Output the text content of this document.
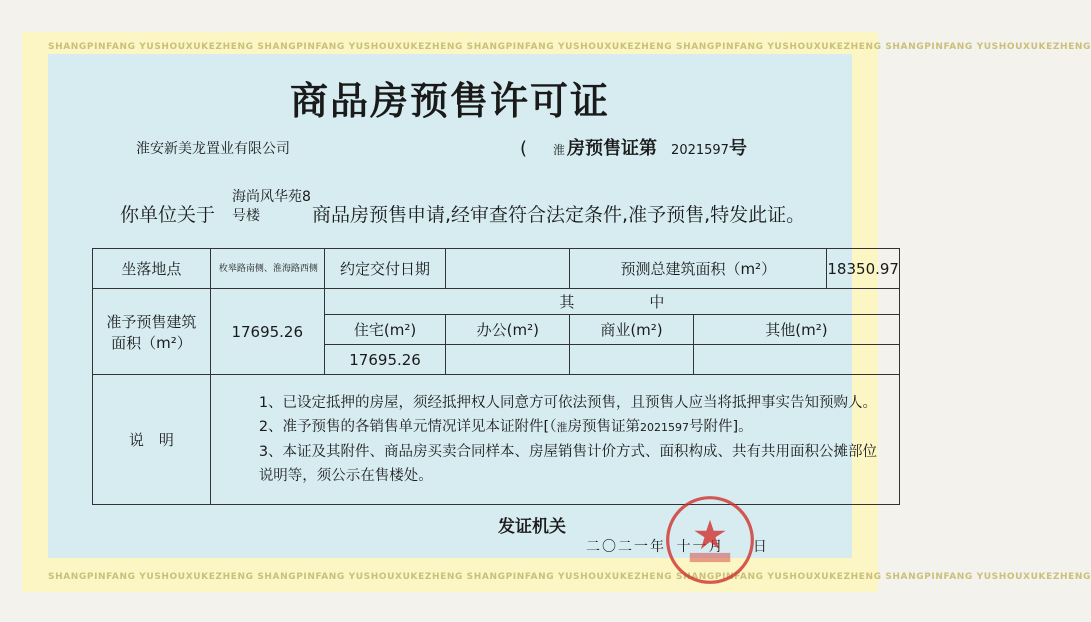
SHANGPINFANG YUSHOUXUKEZHENG SHANGPINFANG YUSHOUXUKEZHENG SHANGPINFANG YUSHOUXUKEZHENG SHANGPINFANG YUSHOUXUKEZHENG SHANGPINFANG YUSHOUXUKEZHENG
SHANGPINFANG YUSHOUXUKEZHENG SHANGPINFANG YUSHOUXUKEZHENG SHANGPINFANG YUSHOUXUKEZHENG SHANGPINFANG YUSHOUXUKEZHENG SHANGPINFANG YUSHOUXUKEZHENG
商品房预售许可证
淮安新美龙置业有限公司	( 淮 房预售证第 2021597号
你单位关于
海尚风华苑8号楼	商品房预售申请,经审查符合法定条件,准予预售,特发此证。
坐落地点	枚皋路南侧、淮海路西侧	约定交付日期		预测总建筑面积（m²）		18350.97
准予预售建筑面积（m²）	17695.26	其　　　　　中				
		住宅(m²)	办公(m²)	商业(m²)	其他(m²)	
		17695.26				
说　明	1、已设定抵押的房屋，须经抵押权人同意方可依法预售，且预售人应当将抵押事实告知预购人。

2、准予预售的各销售单元情况详见本证附件[（淮房预售证第2021597号附件]。

3、本证及其附件、商品房买卖合同样本、房屋销售计价方式、面积构成、共有共用面积公摊部位说明等，须公示在售楼处。					

发证机关
二〇二一年 十一月 日
